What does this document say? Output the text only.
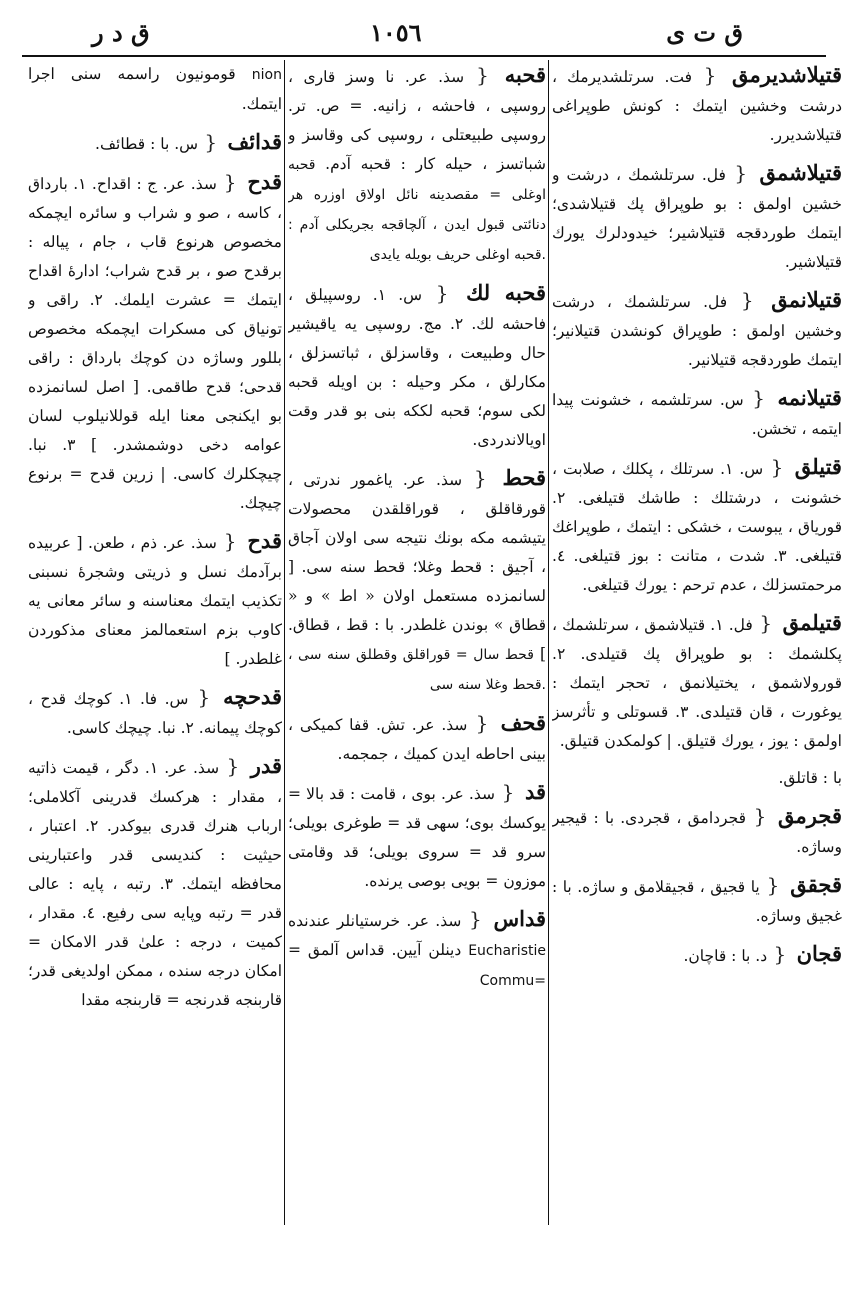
ق د ر	١٠٥٦	ق ت ى

قتيلاشديرمق { فت. سرتلشديرمك ، درشت وخشين ايتمك : كونش طوپراغى قتيلاشديرر.

قتيلاشمق { فل. سرتلشمك ، درشت و خشين اولمق : بو طوپراق پك قتيلاشدى؛ ايتمك طوردقجه قتيلاشير؛ خيدودلرك يورك قتيلاشير.

قتيلانمق { فل. سرتلشمك ، درشت وخشين اولمق : طوپراق كونشدن قتيلانير؛ ايتمك طوردقجه قتيلانير.

قتيلانمه { س. سرتلشمه ، خشونت پيدا ايتمه ، تخشن.

قتيلق { س. ١. سرتلك ، پكلك ، صلابت ، خشونت ، درشتلك : طاشك قتيلغى. ٢. قورياق ، يبوست ، خشكى : ايتمك ، طوپراغك قتيلغى. ٣. شدت ، متانت : بوز قتيلغى. ٤. مرحمتسزلك ، عدم ترحم : يورك قتيلغى.

قتيلمق { فل. ١. قتيلاشمق ، سرتلشمك ، پكلشمك : بو طوپراق پك قتيلدى. ٢. قورولاشمق ، يختيلانمق ، تحجر ايتمك : يوغورت ، قان قتيلدى. ٣. قسوتلى و تأثرسز اولمق : يوز ، يورك قتيلق. | كولمكدن قتيلق.

با : قاتلق.

قجرمق { قجردامق ، قجردى. با : قيجير وساژه.

قجقق { يا قجيق ، قجيقلامق و ساژه. با : غجيق وساژه.

قجان { د. با : قاچان.

قحبه { سذ. عر. نا وسز قارى ، روسپى ، فاحشه ، زانيه. = ص. تر. روسپى طبيعتلى ، روسپى كى وقاسز و شباتسز ، حيله كار : قحبه آدم. قحبه اوغلى = مقصدينه نائل اولاق اوزره هر دنائتى قبول ايدن ، آلچاقجه بجريكلى آدم : قحبه اوغلى حريف بويله يايدى.

قحبه لك { س. ١. روسپيلق ، فاحشه لك. ٢. مج. روسپى يه ياقيشير حال وطبيعت ، وقاسزلق ، ثباتسزلق ، مكارلق ، مكر وحيله : بن اويله قحبه لكى سوم؛ قحبه لككه بنى بو قدر وقت اويالاندردى.

قحط { سذ. عر. ياغمور ندرتى ، قورقاقلق ، قوراقلقدن محصولات يتيشمه مكه بونك نتيجه سى اولان آجاق ، آجيق : قحط وغلا؛ قحط سنه سى. [ لسانمزده مستعمل اولان « اط » و « قطاق » بوندن غلطدر. با : قط ، قطاق. ] قحط سال = قوراقلق وقطلق سنه سى ، قحط وغلا سنه سى.

قحف { سذ. عر. تش. قفا كميكى ، بينى احاطه ايدن كميك ، جمجمه.

قد { سذ. عر. بوى ، قامت : قد بالا = يوكسك بوى؛ سهى قد = طوغرى بويلى؛ سرو قد = سروى بويلى؛ قد وقامتى موزون = بويى بوصى يرنده.

قداس { سذ. عر. خرستيانلر عندنده Eucharistie دينلن آيين. قداس آلمق = Commu=

nion قومونيون راسمه سنى اجرا ايتمك.

قدائف { س. با : قطائف.

قدح { سذ. عر. ج : اقداح. ١. بارداق ، كاسه ، صو و شراب و سائره ايچمكه مخصوص هرنوع قاب ، جام ، پياله : برقدح صو ، بر قدح شراب؛ ادارۀ اقداح ايتمك = عشرت ايلمك. ٢. راقى و تونياق كى مسكرات ايچمكه مخصوص بللور وساژه دن كوچك بارداق : راقى قدحى؛ قدح طاقمى. [ اصل لسانمزده بو ايكنجى معنا ايله قوللانيلوب لسان عوامه دخى دوشمشدر. ] ٣. نبا. چيچكلرك كاسى. | زرين قدح = برنوع چيچك.

قدح { سذ. عر. ذم ، طعن. [ عربيده برآدمك نسل و ذريتى وشجرۀ نسبنى تكذيب ايتمك معناسنه و سائر معانى يه كاوب بزم استعمالمز معناى مذكوردن غلطدر. ]

قدحچه { س. فا. ١. كوچك قدح ، كوچك پيمانه. ٢. نبا. چيچك كاسى.

قدر { سذ. عر. ١. دگر ، قيمت ذاتيه ، مقدار : هركسك قدرينى آكلاملى؛ ارباب هنرك قدرى بيوكدر. ٢. اعتبار ، حيثيت : كنديسى قدر واعتبارينى محافظه ايتمك. ٣. رتبه ، پايه : عالى قدر = رتبه وپايه سى رفيع. ٤. مقدار ، كميت ، درجه : علىٰ قدر الامكان = امكان درجه سنده ، ممكن اولديغى قدر؛ قاربنجه قدرنجه = قاربنجه مقدا
